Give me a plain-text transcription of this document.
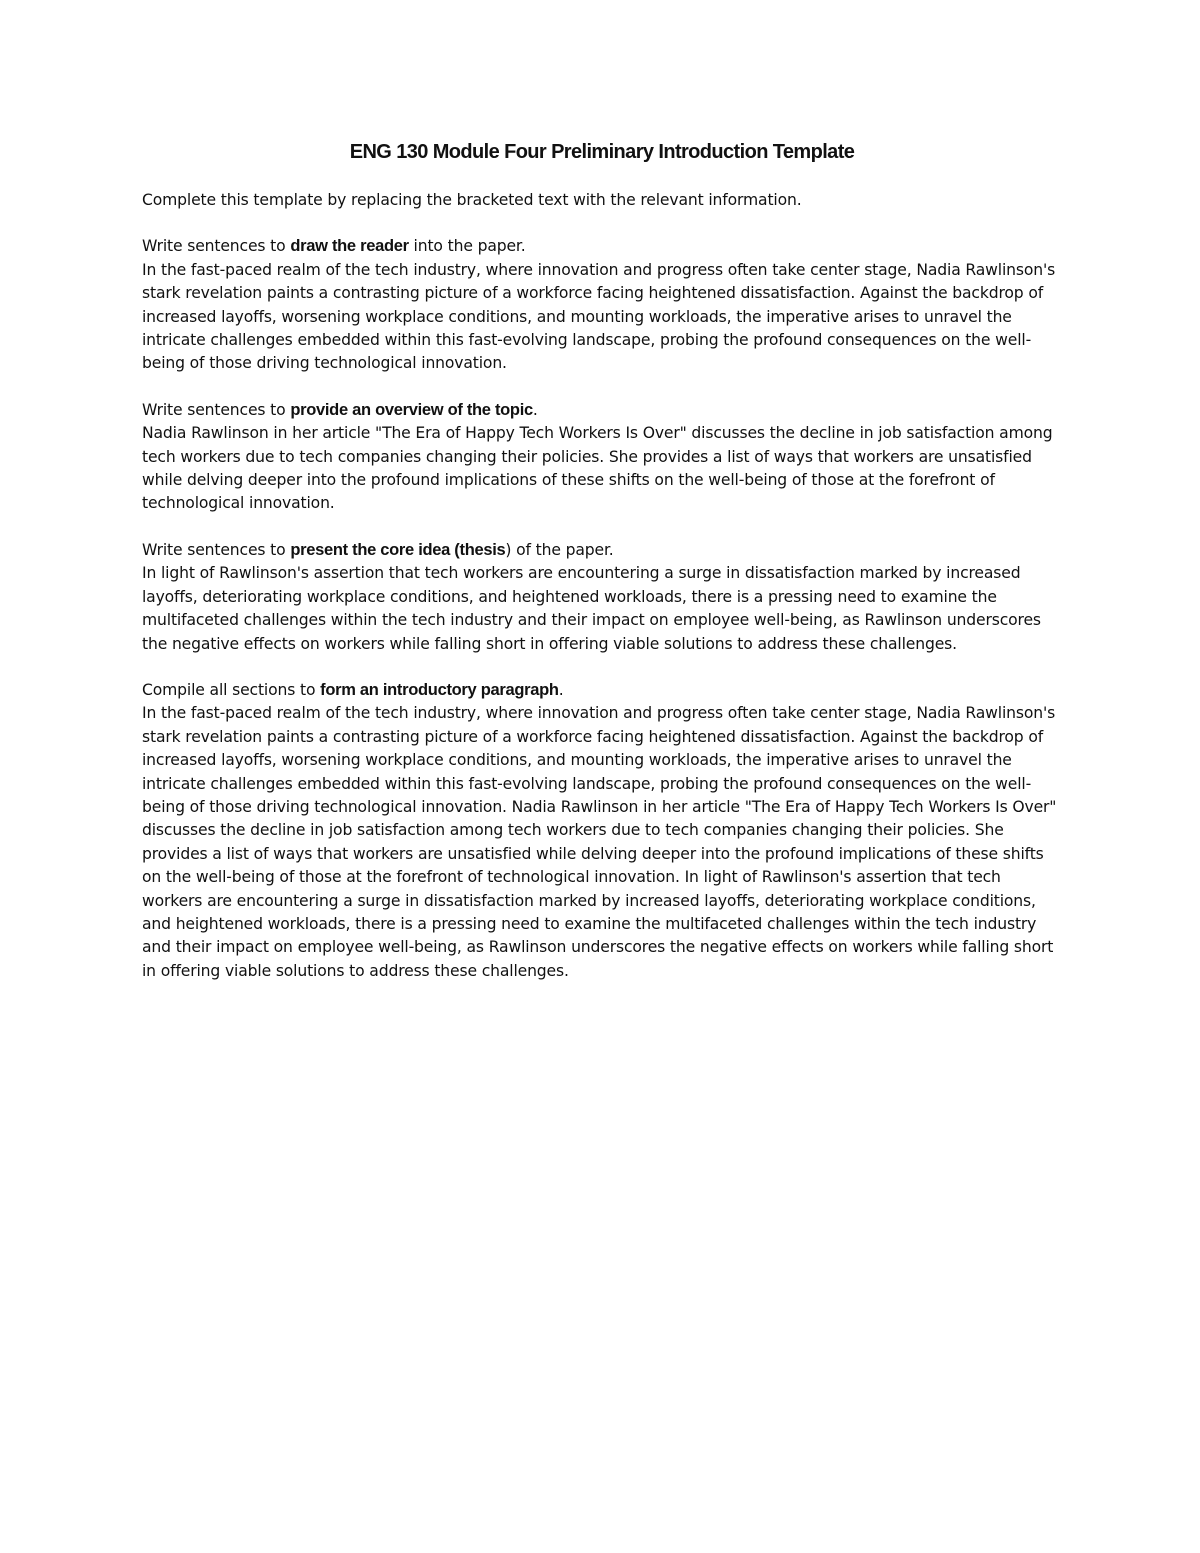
ENG 130 Module Four Preliminary Introduction Template

Complete this template by replacing the bracketed text with the relevant information.

Write sentences to draw the reader into the paper.

In the fast-paced realm of the tech industry, where innovation and progress often take center stage, Nadia Rawlinson's stark revelation paints a contrasting picture of a workforce facing heightened dissatisfaction. Against the backdrop of increased layoffs, worsening workplace conditions, and mounting workloads, the imperative arises to unravel the intricate challenges embedded within this fast-evolving landscape, probing the profound consequences on the well-being of those driving technological innovation.

Write sentences to provide an overview of the topic.

Nadia Rawlinson in her article "The Era of Happy Tech Workers Is Over" discusses the decline in job satisfaction among tech workers due to tech companies changing their policies. She provides a list of ways that workers are unsatisfied while delving deeper into the profound implications of these shifts on the well-being of those at the forefront of technological innovation.

Write sentences to present the core idea (thesis) of the paper.

In light of Rawlinson's assertion that tech workers are encountering a surge in dissatisfaction marked by increased layoffs, deteriorating workplace conditions, and heightened workloads, there is a pressing need to examine the multifaceted challenges within the tech industry and their impact on employee well-being, as Rawlinson underscores the negative effects on workers while falling short in offering viable solutions to address these challenges.

Compile all sections to form an introductory paragraph.

In the fast-paced realm of the tech industry, where innovation and progress often take center stage, Nadia Rawlinson's stark revelation paints a contrasting picture of a workforce facing heightened dissatisfaction. Against the backdrop of increased layoffs, worsening workplace conditions, and mounting workloads, the imperative arises to unravel the intricate challenges embedded within this fast-evolving landscape, probing the profound consequences on the well-being of those driving technological innovation. Nadia Rawlinson in her article "The Era of Happy Tech Workers Is Over" discusses the decline in job satisfaction among tech workers due to tech companies changing their policies. She provides a list of ways that workers are unsatisfied while delving deeper into the profound implications of these shifts on the well-being of those at the forefront of technological innovation. In light of Rawlinson's assertion that tech workers are encountering a surge in dissatisfaction marked by increased layoffs, deteriorating workplace conditions, and heightened workloads, there is a pressing need to examine the multifaceted challenges within the tech industry and their impact on employee well-being, as Rawlinson underscores the negative effects on workers while falling short in offering viable solutions to address these challenges.
